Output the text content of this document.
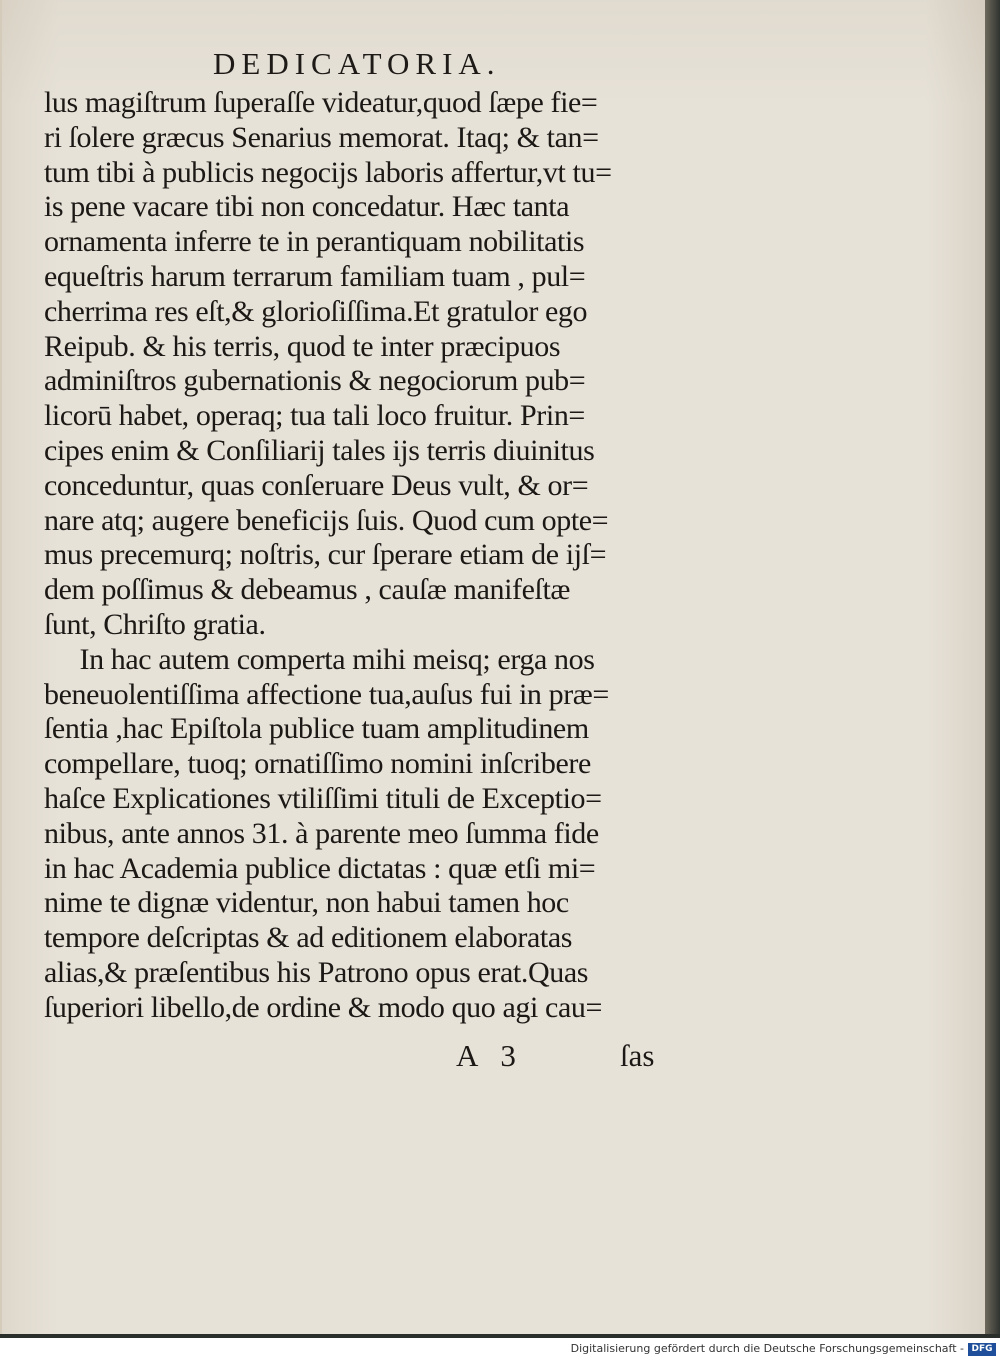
DEDICATORIA.
lus magiſtrum ſuperaſſe videatur,quod ſæpe fie=
ri ſolere græcus Senarius memorat. Itaq; & tan=
tum tibi à publicis negocijs laboris affertur,vt tu=
is pene vacare tibi non concedatur. Hæc tanta
ornamenta inferre te in perantiquam nobilitatis
equeſtris harum terrarum familiam tuam , pul=
cherrima res eſt,& glorioſiſſima.Et gratulor ego
Reipub. & his terris, quod te inter præcipuos
adminiſtros gubernationis & negociorum pub=
licorū habet, operaq; tua tali loco fruitur. Prin=
cipes enim & Conſiliarij tales ijs terris diuinitus
conceduntur, quas conſeruare Deus vult, & or=
nare atq; augere beneficijs ſuis. Quod cum opte=
mus precemurq; noſtris, cur ſperare etiam de ijſ=
dem poſſimus & debeamus , cauſæ manifeſtæ
ſunt, Chriſto gratia.
In hac autem comperta mihi meisq; erga nos
beneuolentiſſima affectione tua,auſus fui in præ=
ſentia ,hac Epiſtola publice tuam amplitudinem
compellare, tuoq; ornatiſſimo nomini inſcribere
haſce Explicationes vtiliſſimi tituli de Exceptio=
nibus, ante annos 31. à parente meo ſumma fide
in hac Academia publice dictatas : quæ etſi mi=
nime te dignæ videntur, non habui tamen hoc
tempore deſcriptas & ad editionem elaboratas
alias,& præſentibus his Patrono opus erat.Quas
ſuperiori libello,de ordine & modo quo agi cau=
A 3	ſas
Digitalisierung gefördert durch die Deutsche Forschungsgemeinschaft - DFG
